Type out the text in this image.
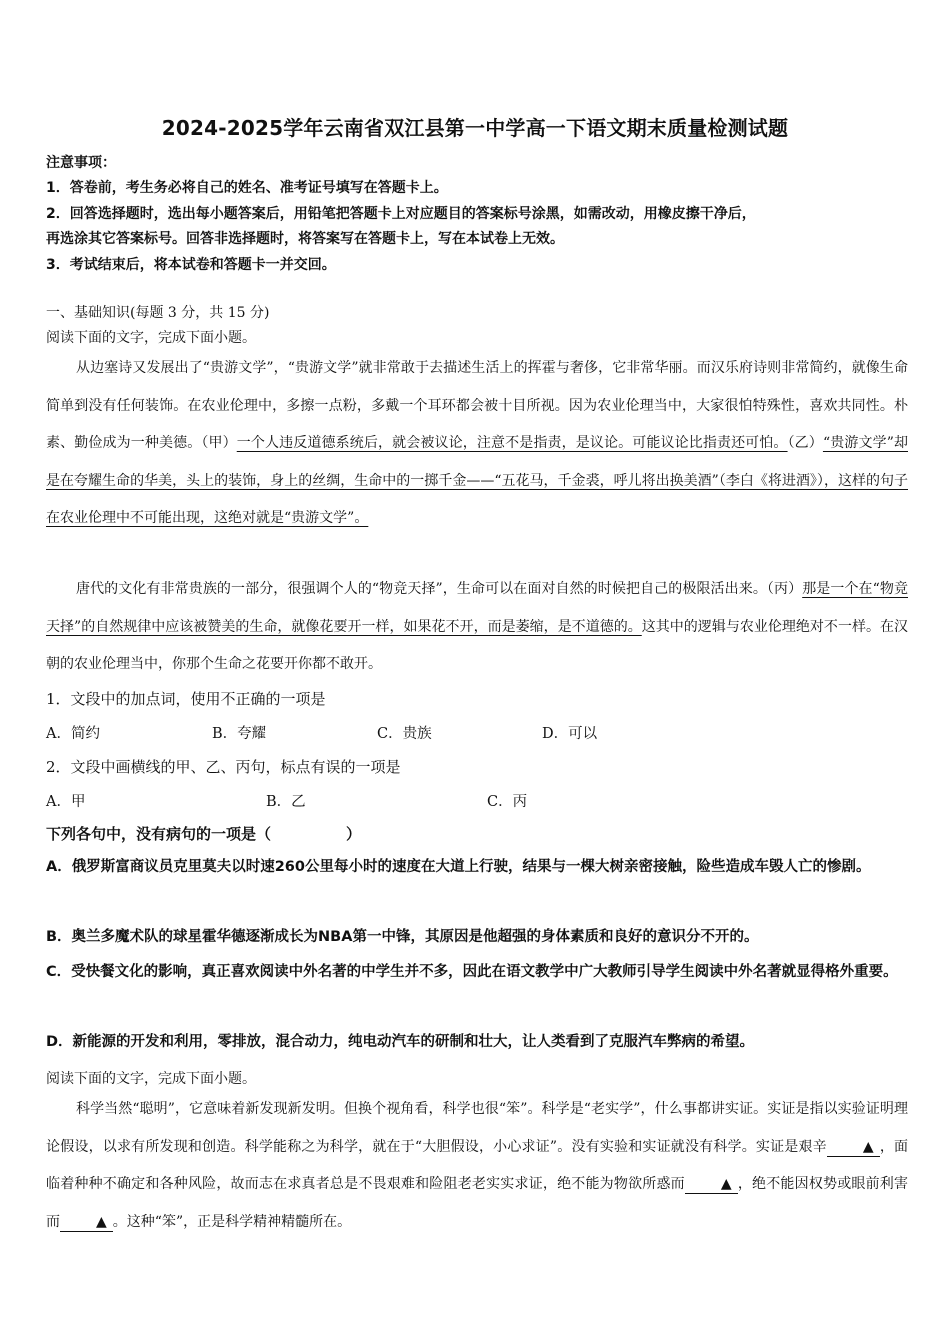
2024-2025学年云南省双江县第一中学高一下语文期末质量检测试题
注意事项：
1．答卷前，考生务必将自己的姓名、准考证号填写在答题卡上。
2．回答选择题时，选出每小题答案后，用铅笔把答题卡上对应题目的答案标号涂黑，如需改动，用橡皮擦干净后，
再选涂其它答案标号。回答非选择题时，将答案写在答题卡上，写在本试卷上无效。
3．考试结束后，将本试卷和答题卡一并交回。
一、基础知识(每题 3 分，共 15 分)
阅读下面的文字，完成下面小题。
从边塞诗又发展出了“贵游文学”，“贵游文学”就非常敢于去描述生活上的挥霍与奢侈，它非常华丽。而汉乐府诗则非常简约，就像生命简单到没有任何装饰。在农业伦理中，多擦一点粉，多戴一个耳环都会被十目所视。因为农业伦理当中，大家很怕特殊性，喜欢共同性。朴素、勤俭成为一种美德。（甲）一个人违反道德系统后，就会被议论，注意不是指责，是议论。可能议论比指责还可怕。（乙）“贵游文学”却是在夸耀生命的华美，头上的装饰，身上的丝绸，生命中的一掷千金——“五花马，千金裘，呼儿将出换美酒”（李白《将进酒》），这样的句子在农业伦理中不可能出现，这绝对就是“贵游文学”。
唐代的文化有非常贵族的一部分，很强调个人的“物竞天择”，生命可以在面对自然的时候把自己的极限活出来。（丙）那是一个在“物竞天择”的自然规律中应该被赞美的生命，就像花要开一样，如果花不开，而是萎缩，是不道德的。这其中的逻辑与农业伦理绝对不一样。在汉朝的农业伦理当中，你那个生命之花要开你都不敢开。
1．文段中的加点词，使用不正确的一项是
A．简约	B．夸耀	C．贵族	D．可以
2．文段中画横线的甲、乙、丙句，标点有误的一项是
A．甲	B．乙	C．丙
下列各句中，没有病句的一项是（　　　　　）
A．俄罗斯富商议员克里莫夫以时速260公里每小时的速度在大道上行驶，结果与一棵大树亲密接触，险些造成车毁人亡的惨剧。
B．奥兰多魔术队的球星霍华德逐渐成长为NBA第一中锋，其原因是他超强的身体素质和良好的意识分不开的。
C．受快餐文化的影响，真正喜欢阅读中外名著的中学生并不多，因此在语文教学中广大教师引导学生阅读中外名著就显得格外重要。
D．新能源的开发和利用，零排放，混合动力，纯电动汽车的研制和壮大，让人类看到了克服汽车弊病的希望。
阅读下面的文字，完成下面小题。
科学当然“聪明”，它意味着新发现新发明。但换个视角看，科学也很“笨”。科学是“老实学”，什么事都讲实证。实证是指以实验证明理论假设，以求有所发现和创造。科学能称之为科学，就在于“大胆假设，小心求证”。没有实验和实证就没有科学。实证是艰辛	▲ ，面临着种种不确定和各种风险，故而志在求真者总是不畏艰难和险阻老老实实求证，绝不能为物欲所惑而	▲ ，绝不能因权势或眼前利害而	▲ 。这种“笨”，正是科学精神精髓所在。
